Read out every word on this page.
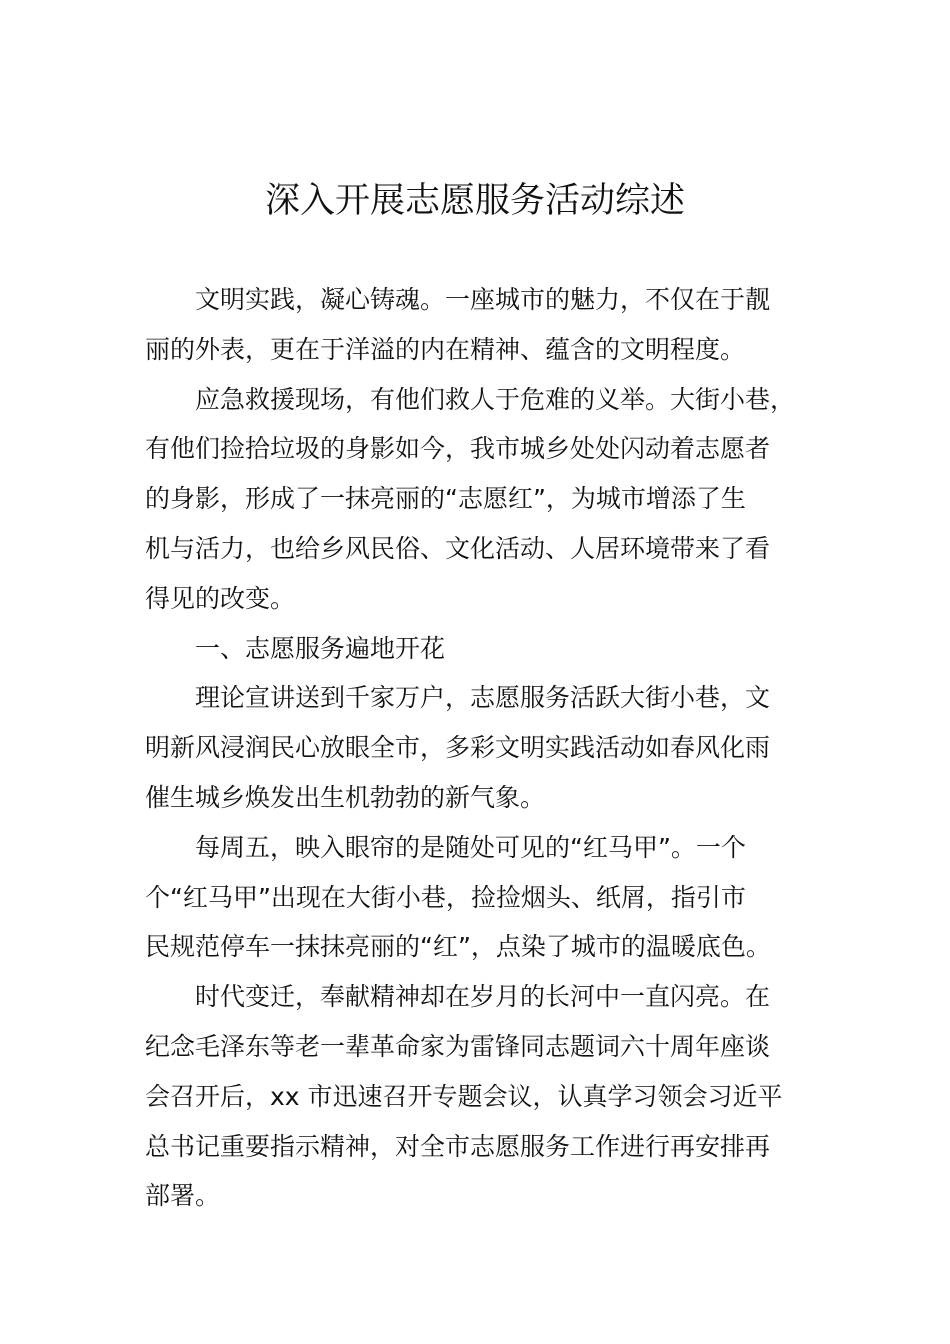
深入开展志愿服务活动综述
文明实践，凝心铸魂。一座城市的魅力，不仅在于靓
丽的外表，更在于洋溢的内在精神、蕴含的文明程度。
应急救援现场，有他们救人于危难的义举。大街小巷，
有他们捡拾垃圾的身影如今，我市城乡处处闪动着志愿者
的身影，形成了一抹亮丽的“志愿红”，为城市增添了生
机与活力，也给乡风民俗、文化活动、人居环境带来了看
得见的改变。
一、志愿服务遍地开花
理论宣讲送到千家万户，志愿服务活跃大街小巷，文
明新风浸润民心放眼全市，多彩文明实践活动如春风化雨
催生城乡焕发出生机勃勃的新气象。
每周五，映入眼帘的是随处可见的“红马甲”。一个
个“红马甲”出现在大街小巷，捡捡烟头、纸屑，指引市
民规范停车一抹抹亮丽的“红”，点染了城市的温暖底色。
时代变迁，奉献精神却在岁月的长河中一直闪亮。在
纪念毛泽东等老一辈革命家为雷锋同志题词六十周年座谈
会召开后，xx 市迅速召开专题会议，认真学习领会习近平
总书记重要指示精神，对全市志愿服务工作进行再安排再
部署。
